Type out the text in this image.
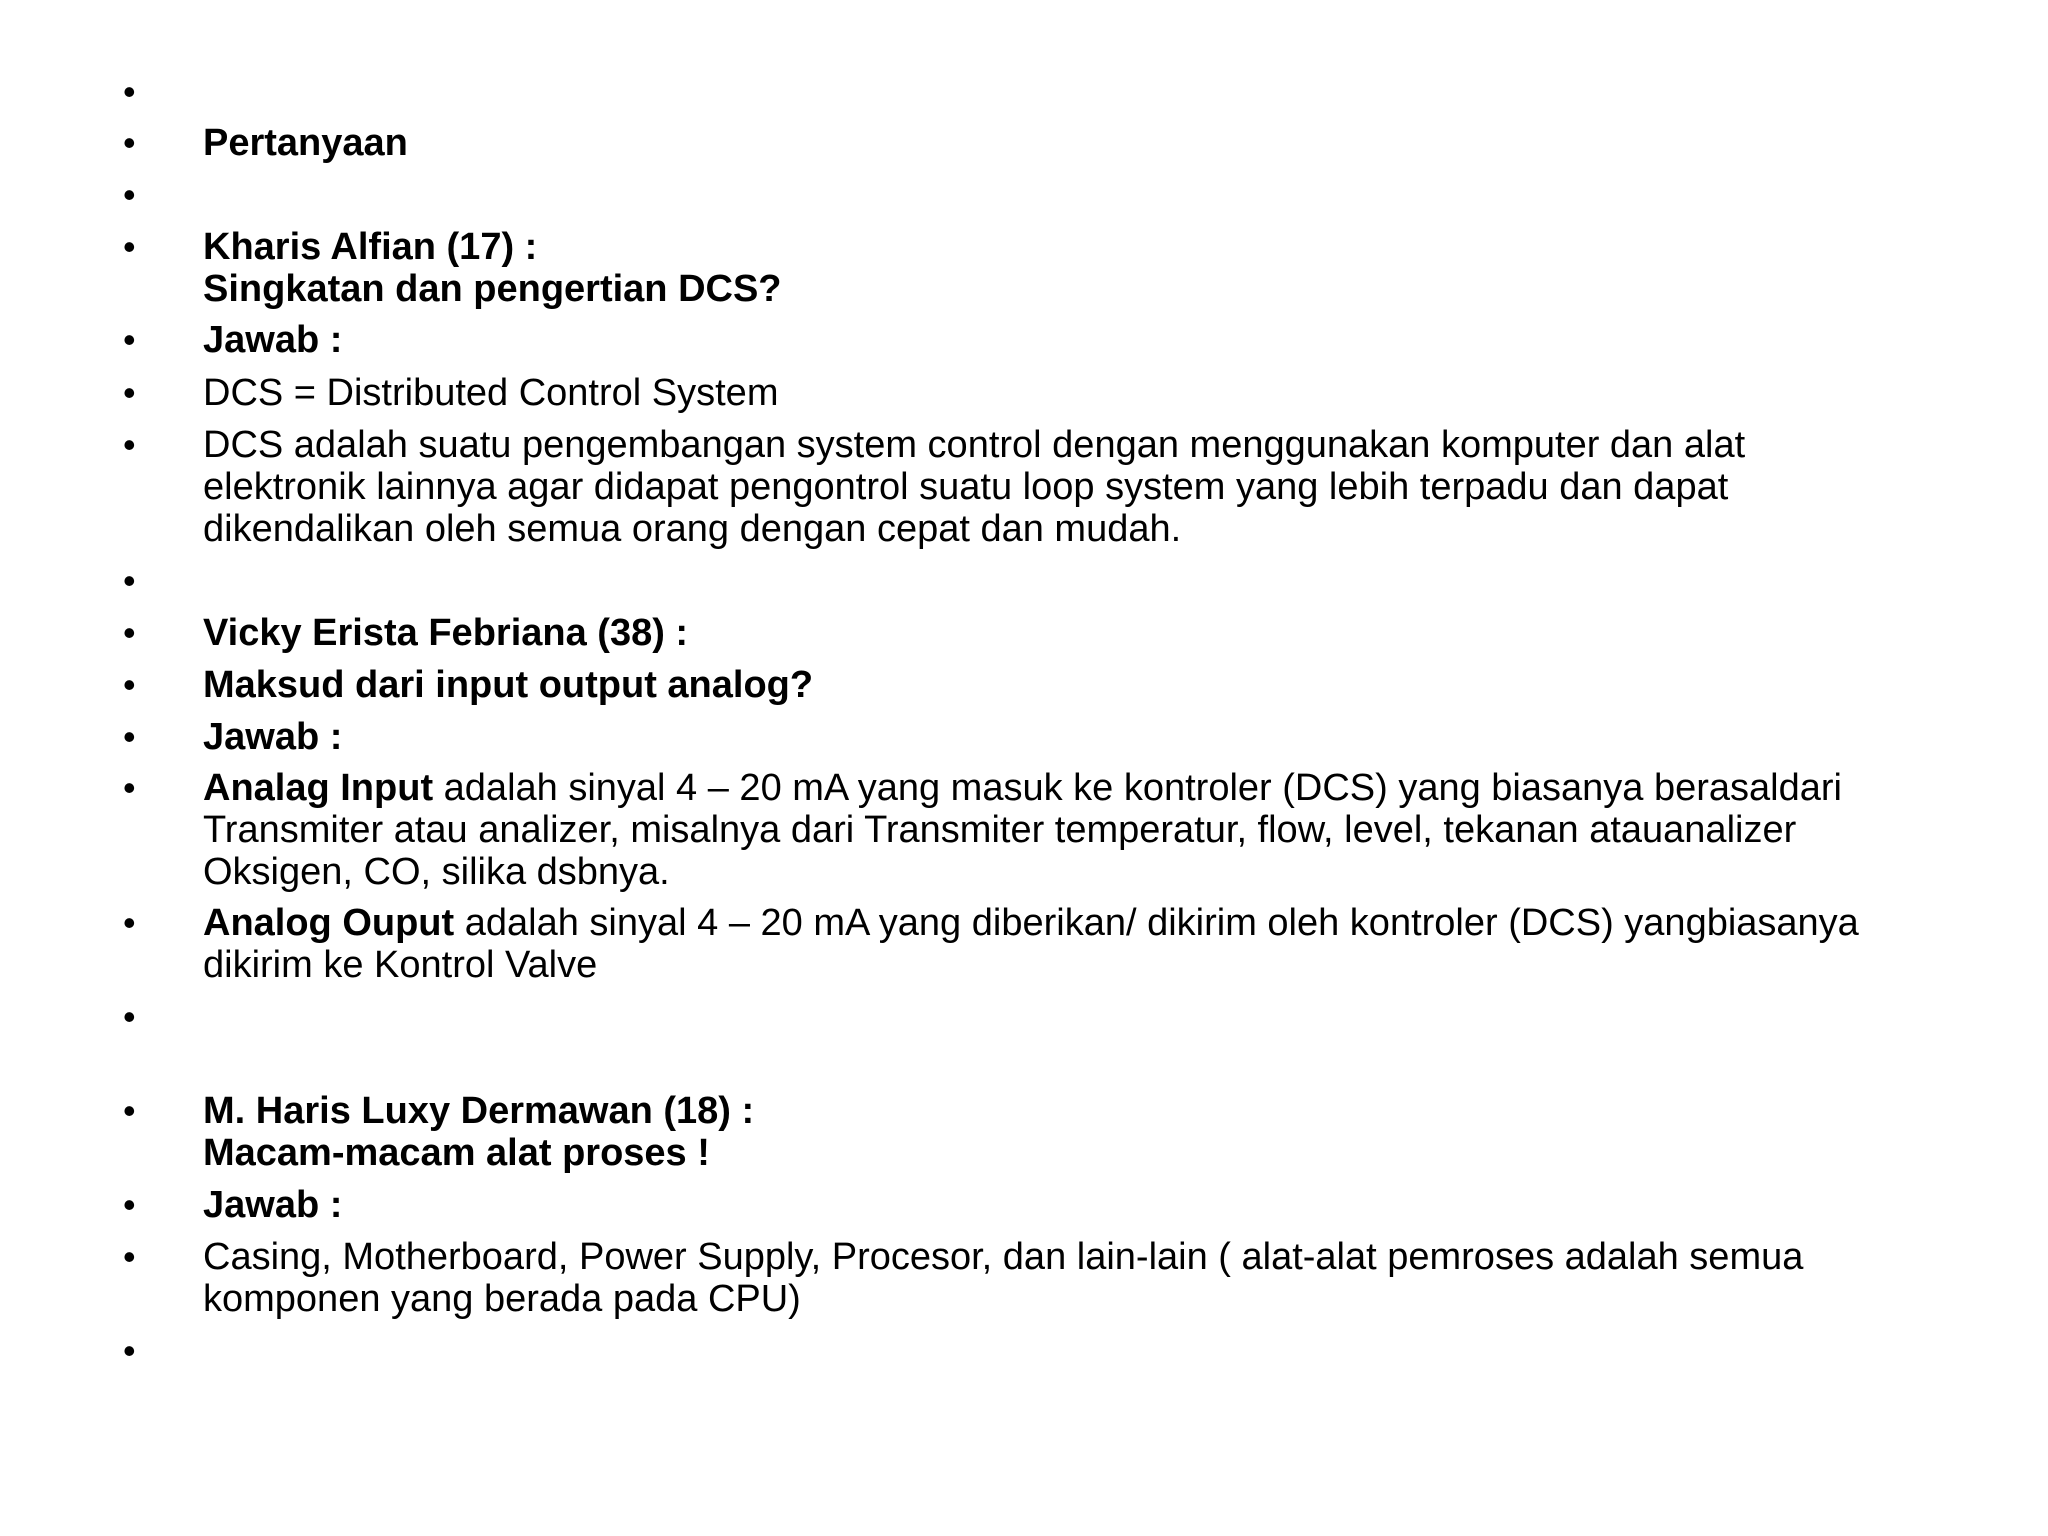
•
• Pertanyaan
•
• Kharis Alfian (17) :
Singkatan dan pengertian DCS?
• Jawab :
• DCS = Distributed Control System
• DCS adalah suatu pengembangan system control dengan menggunakan komputer dan alat
elektronik lainnya agar didapat pengontrol suatu loop system yang lebih terpadu dan dapat
dikendalikan oleh semua orang dengan cepat dan mudah.
•
• Vicky Erista Febriana (38) :
• Maksud dari input output analog?
• Jawab :
• Analag Input adalah sinyal 4 – 20 mA yang masuk ke kontroler (DCS) yang biasanya berasaldari
Transmiter atau analizer, misalnya dari Transmiter temperatur, flow, level, tekanan atauanalizer
Oksigen, CO, silika dsbnya.
• Analog Ouput adalah sinyal 4 – 20 mA yang diberikan/ dikirim oleh kontroler (DCS) yangbiasanya
dikirim ke Kontrol Valve
•
• M. Haris Luxy Dermawan (18) :
Macam-macam alat proses !
• Jawab :
• Casing, Motherboard, Power Supply, Procesor, dan lain-lain ( alat-alat pemroses adalah semua
komponen yang berada pada CPU)
•
